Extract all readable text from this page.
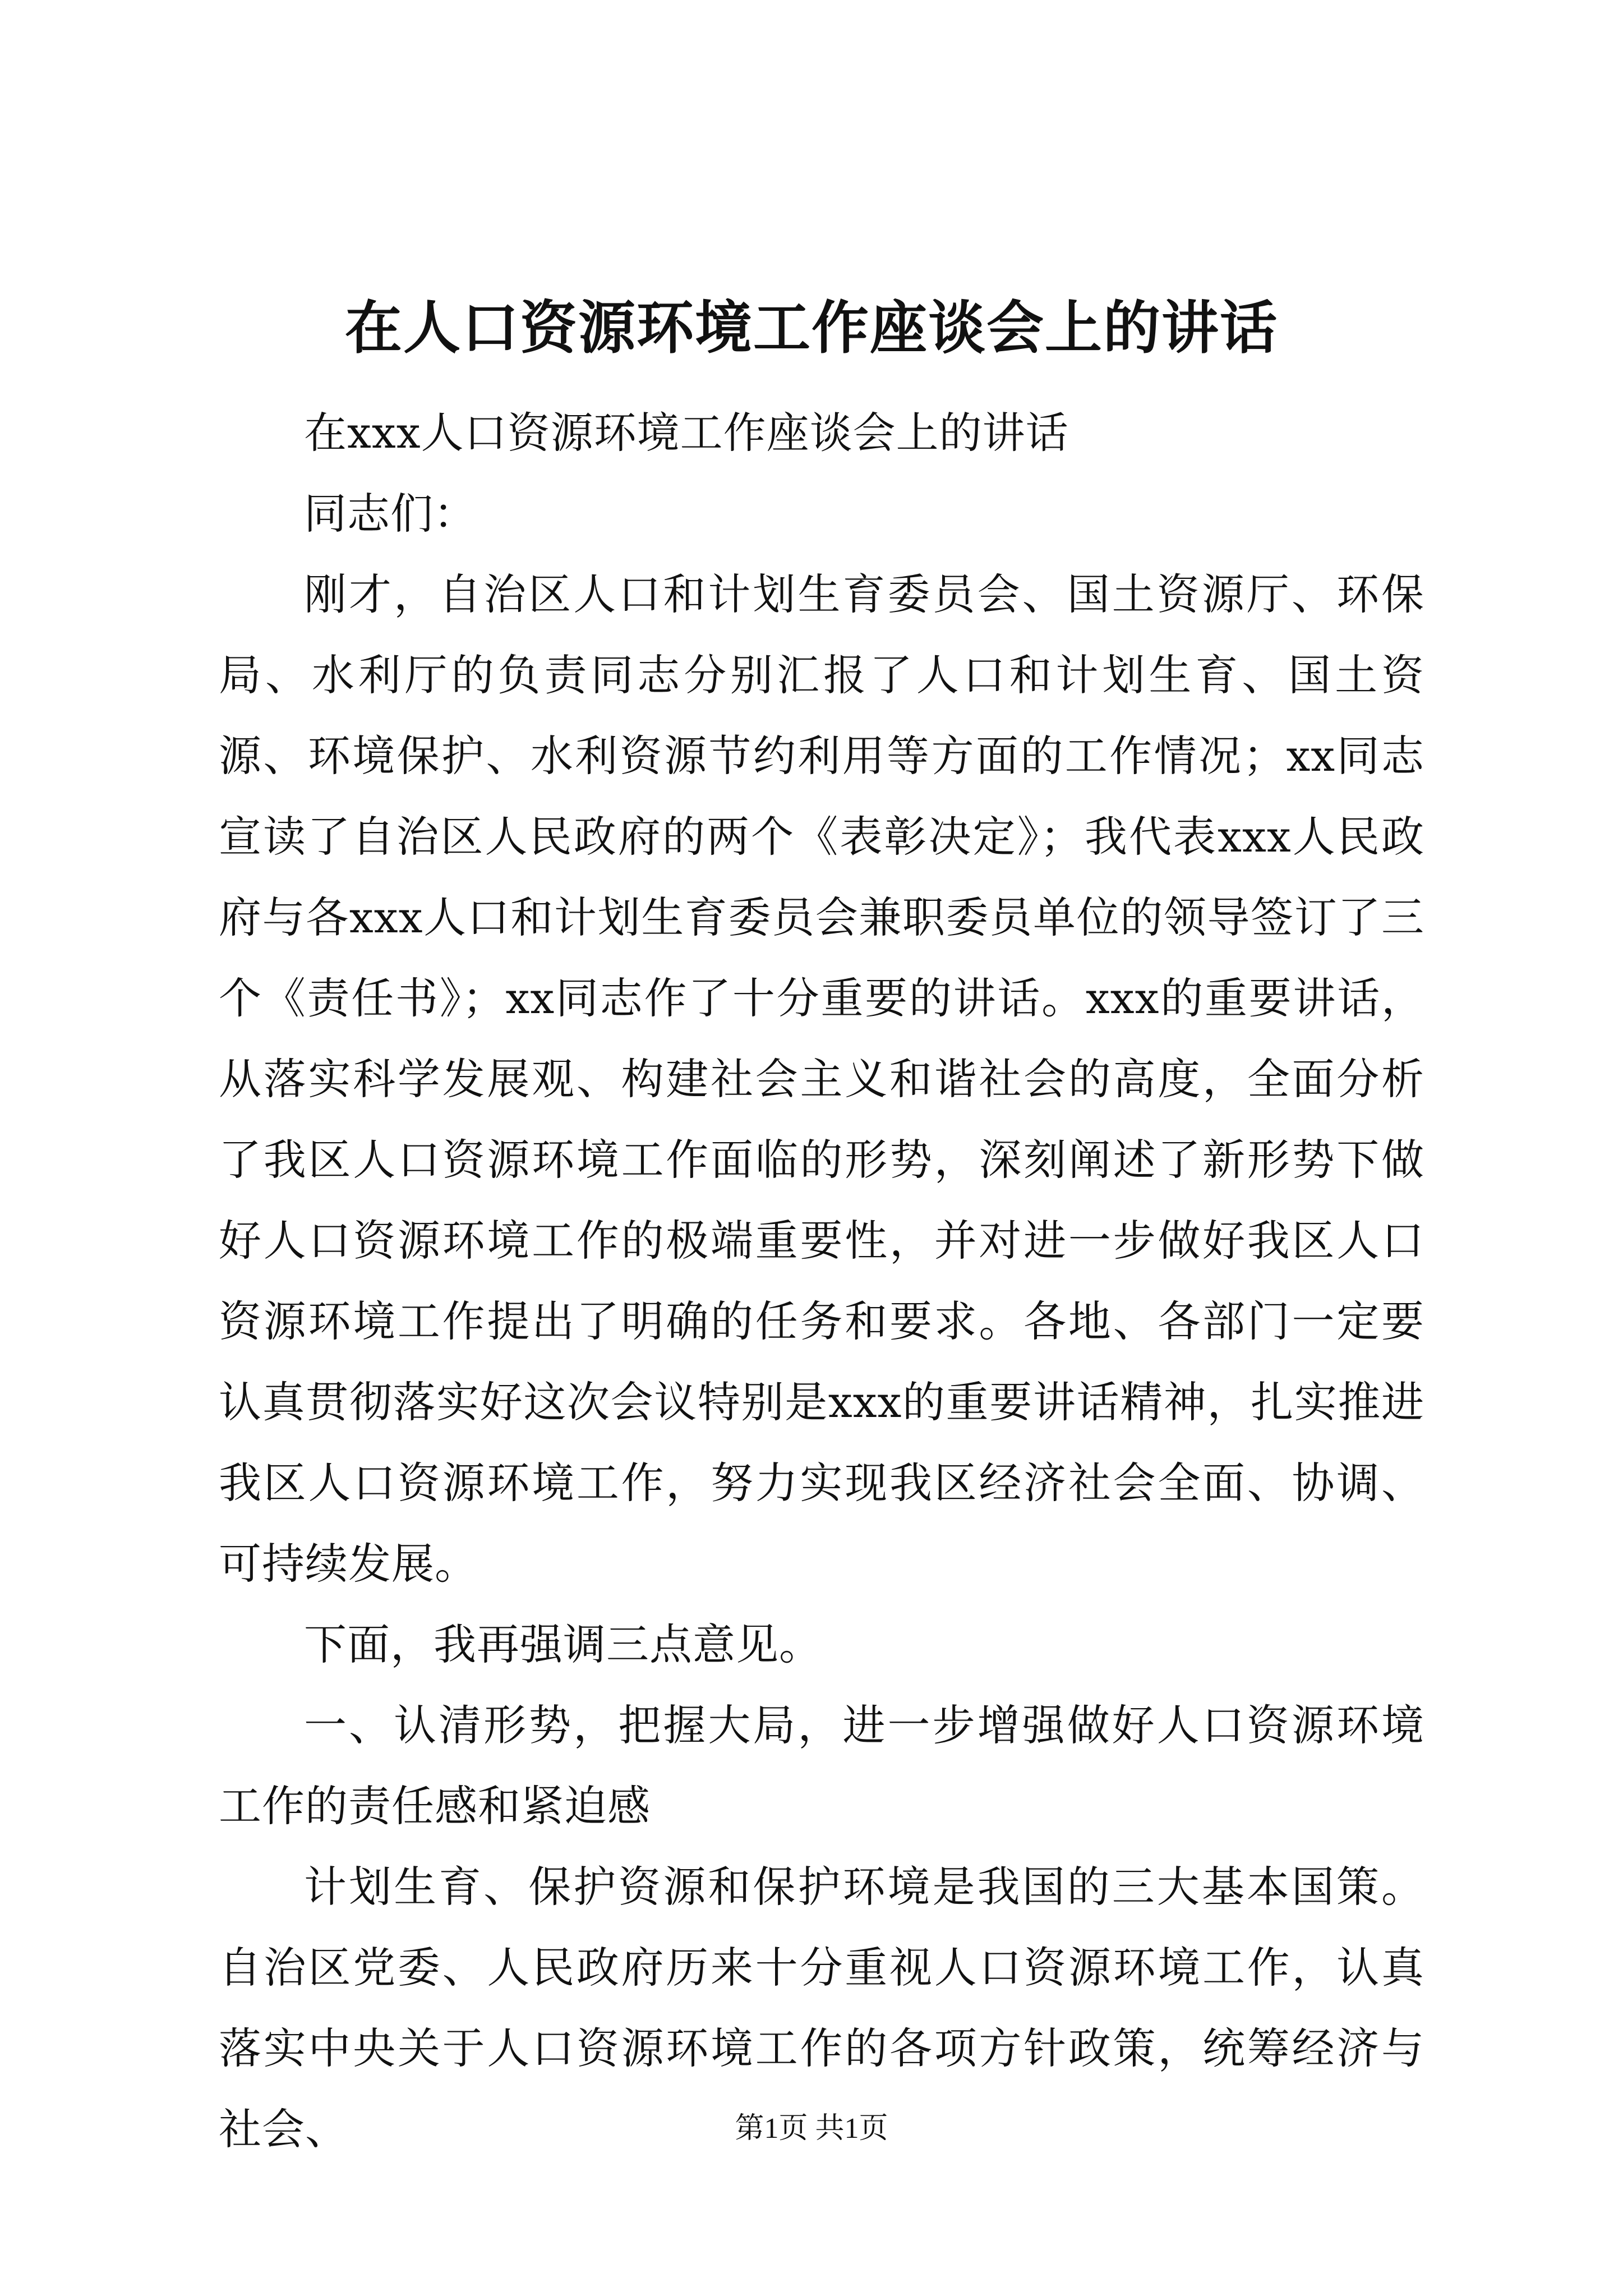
在人口资源环境工作座谈会上的讲话

在xxx人口资源环境工作座谈会上的讲话

同志们：

刚才，自治区人口和计划生育委员会、国土资源厅、环保局、水利厅的负责同志分别汇报了人口和计划生育、国土资源、环境保护、水利资源节约利用等方面的工作情况；xx同志宣读了自治区人民政府的两个《表彰决定》；我代表xxx人民政府与各xxx人口和计划生育委员会兼职委员单位的领导签订了三个《责任书》；xx同志作了十分重要的讲话。xxx的重要讲话，从落实科学发展观、构建社会主义和谐社会的高度，全面分析了我区人口资源环境工作面临的形势，深刻阐述了新形势下做好人口资源环境工作的极端重要性，并对进一步做好我区人口资源环境工作提出了明确的任务和要求。各地、各部门一定要认真贯彻落实好这次会议特别是xxx的重要讲话精神，扎实推进我区人口资源环境工作，努力实现我区经济社会全面、协调、可持续发展。

下面，我再强调三点意见。

一、认清形势，把握大局，进一步增强做好人口资源环境工作的责任感和紧迫感

计划生育、保护资源和保护环境是我国的三大基本国策。自治区党委、人民政府历来十分重视人口资源环境工作，认真落实中央关于人口资源环境工作的各项方针政策，统筹经济与社会、	第1页 共1页
